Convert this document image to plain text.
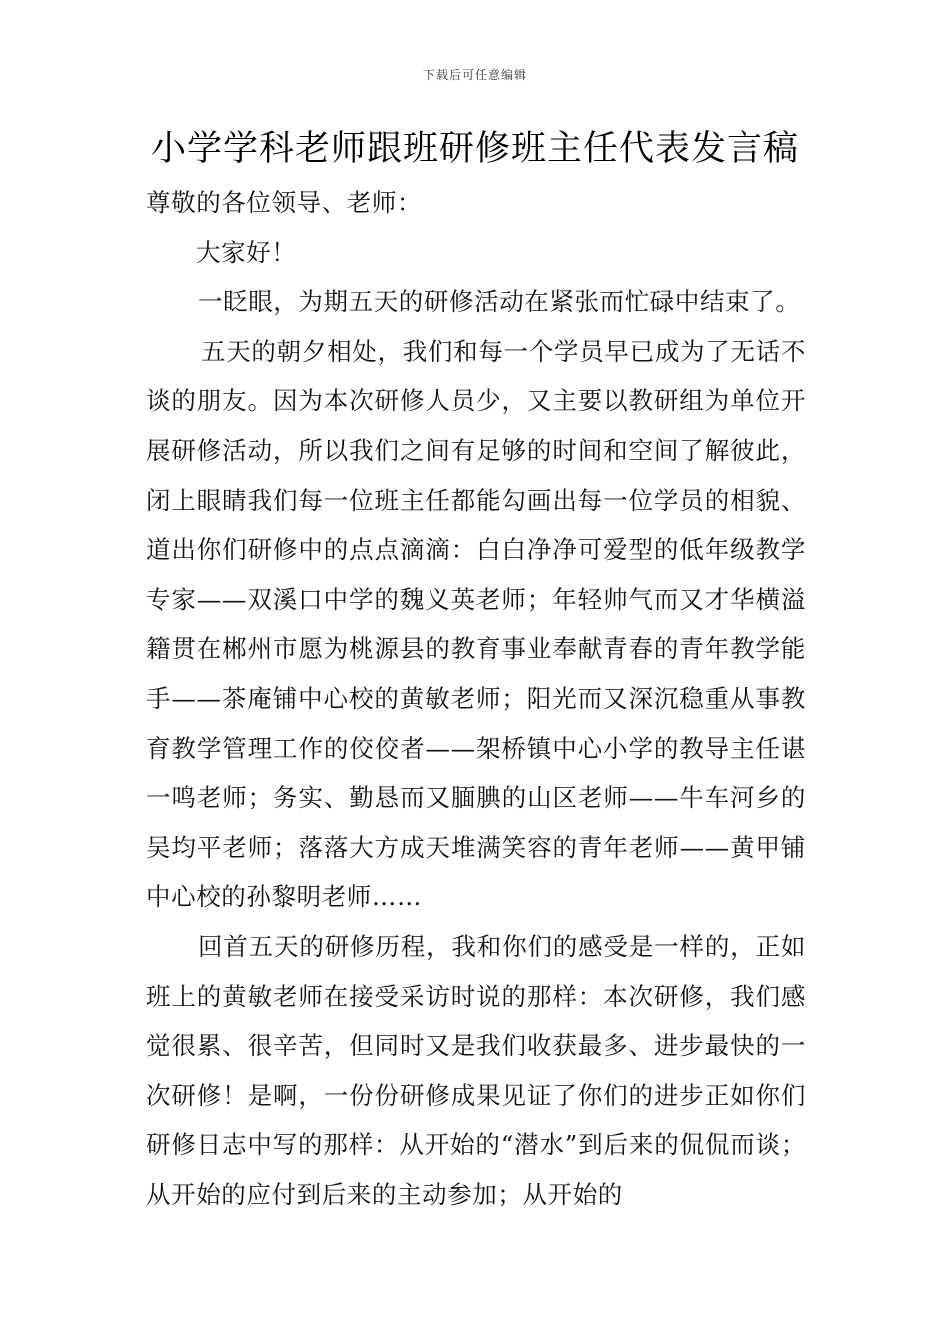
下载后可任意编辑
小学学科老师跟班研修班主任代表发言稿

尊敬的各位领导、老师：

大家好！

一眨眼，为期五天的研修活动在紧张而忙碌中结束了。

五天的朝夕相处，我们和每一个学员早已成为了无话不谈的朋友。因为本次研修人员少，又主要以教研组为单位开展研修活动，所以我们之间有足够的时间和空间了解彼此，闭上眼睛我们每一位班主任都能勾画出每一位学员的相貌、道出你们研修中的点点滴滴：白白净净可爱型的低年级教学专家——双溪口中学的魏义英老师；年轻帅气而又才华横溢籍贯在郴州市愿为桃源县的教育事业奉献青春的青年教学能手——茶庵铺中心校的黄敏老师；阳光而又深沉稳重从事教育教学管理工作的佼佼者——架桥镇中心小学的教导主任谌一鸣老师；务实、勤恳而又腼腆的山区老师——牛车河乡的吴均平老师；落落大方成天堆满笑容的青年老师——黄甲铺中心校的孙黎明老师……

回首五天的研修历程，我和你们的感受是一样的，正如班上的黄敏老师在接受采访时说的那样：本次研修，我们感觉很累、很辛苦，但同时又是我们收获最多、进步最快的一次研修！是啊，一份份研修成果见证了你们的进步正如你们研修日志中写的那样：从开始的“潜水”到后来的侃侃而谈；从开始的应付到后来的主动参加；从开始的
